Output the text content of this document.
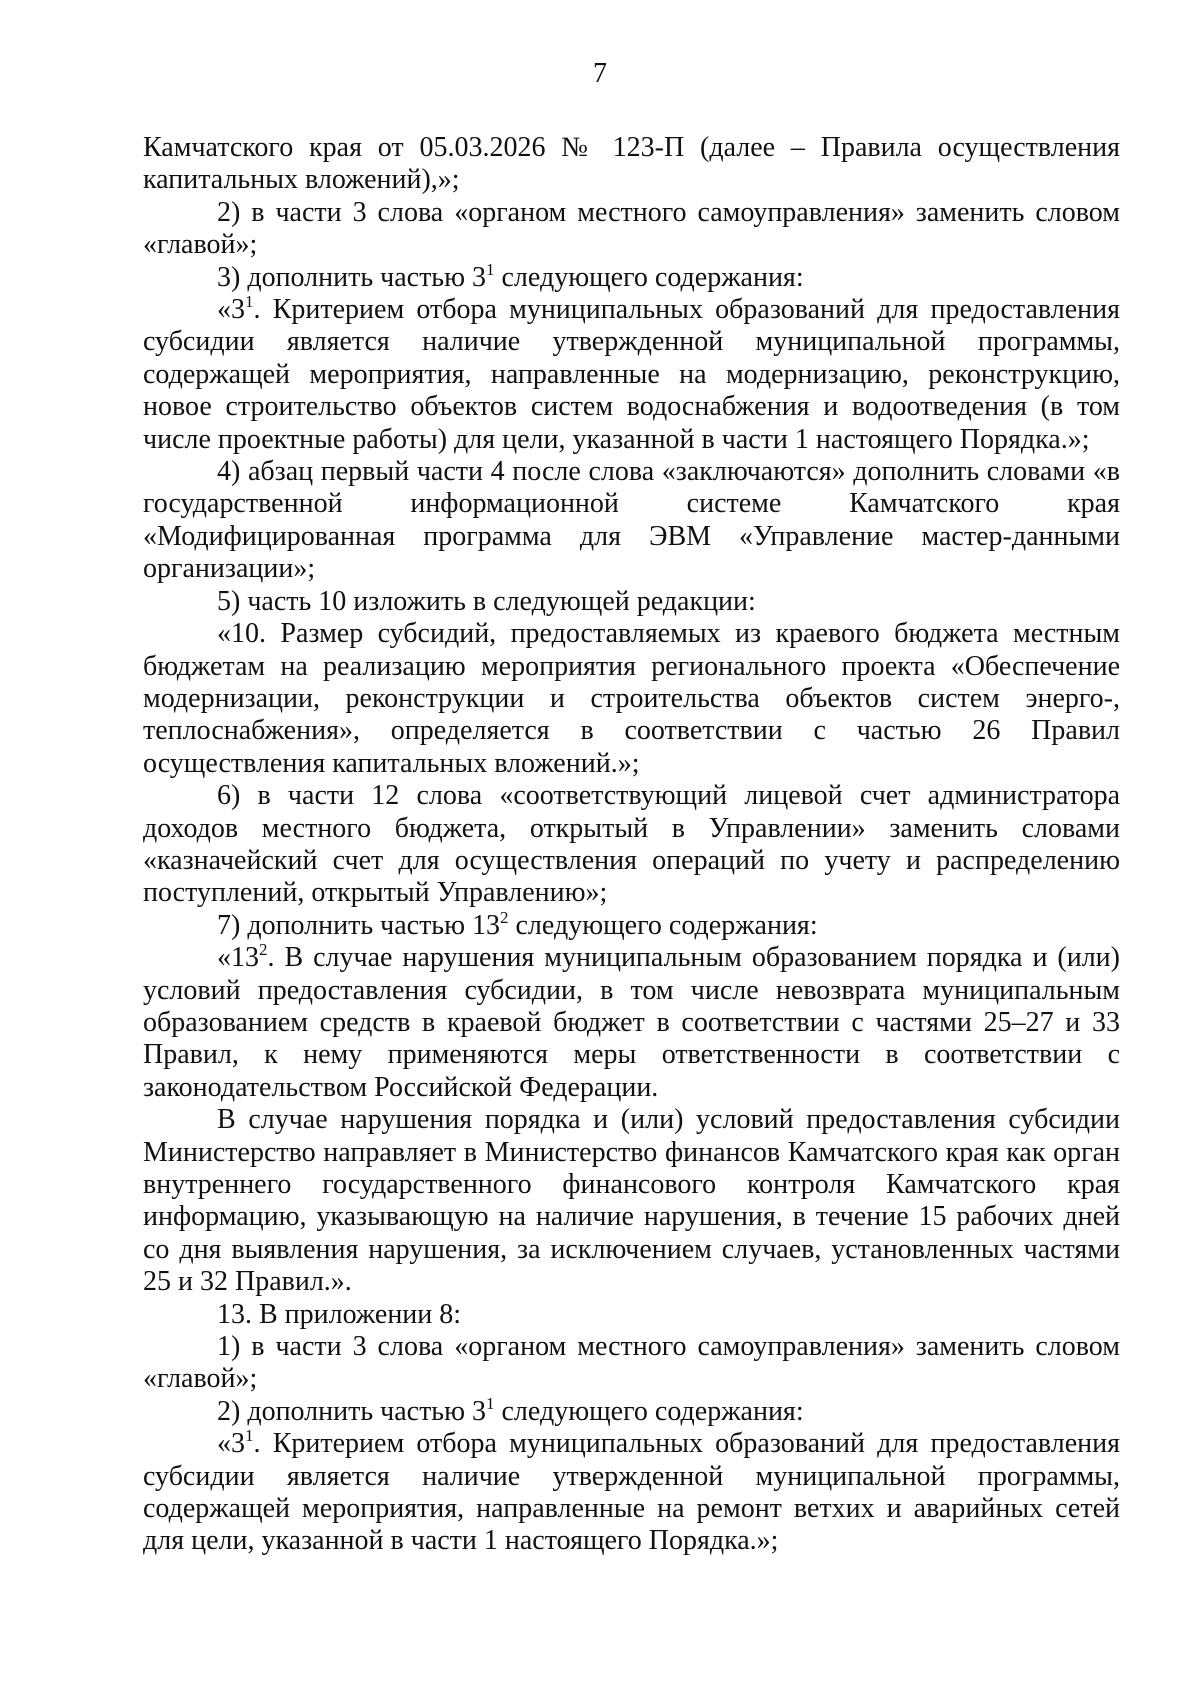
7

Камчатского края от 05.03.2026 № 123-П (далее – Правила осуществления капитальных вложений),»;

2) в части 3 слова «органом местного самоуправления» заменить словом «главой»;

3) дополнить частью $3^1$ следующего содержания:

«$3^1$. Критерием отбора муниципальных образований для предоставления субсидии является наличие утвержденной муниципальной программы, содержащей мероприятия, направленные на модернизацию, реконструкцию, новое строительство объектов систем водоснабжения и водоотведения (в том числе проектные работы) для цели, указанной в части 1 настоящего Порядка.»;

4) абзац первый части 4 после слова «заключаются» дополнить словами «в государственной информационной системе Камчатского края «Модифицированная программа для ЭВМ «Управление мастер-данными организации»;

5) часть 10 изложить в следующей редакции:

«10. Размер субсидий, предоставляемых из краевого бюджета местным бюджетам на реализацию мероприятия регионального проекта «Обеспечение модернизации, реконструкции и строительства объектов систем энерго-, теплоснабжения», определяется в соответствии с частью 26 Правил осуществления капитальных вложений.»;

6) в части 12 слова «соответствующий лицевой счет администратора доходов местного бюджета, открытый в Управлении» заменить словами «казначейский счет для осуществления операций по учету и распределению поступлений, открытый Управлению»;

7) дополнить частью $13^2$ следующего содержания:

«$13^2$. В случае нарушения муниципальным образованием порядка и (или) условий предоставления субсидии, в том числе невозврата муниципальным образованием средств в краевой бюджет в соответствии с частями 25–27 и 33 Правил, к нему применяются меры ответственности в соответствии с законодательством Российской Федерации.

В случае нарушения порядка и (или) условий предоставления субсидии Министерство направляет в Министерство финансов Камчатского края как орган внутреннего государственного финансового контроля Камчатского края информацию, указывающую на наличие нарушения, в течение 15 рабочих дней со дня выявления нарушения, за исключением случаев, установленных частями 25 и 32 Правил.».

13. В приложении 8:

1) в части 3 слова «органом местного самоуправления» заменить словом «главой»;

2) дополнить частью $3^1$ следующего содержания:

«$3^1$. Критерием отбора муниципальных образований для предоставления субсидии является наличие утвержденной муниципальной программы, содержащей мероприятия, направленные на ремонт ветхих и аварийных сетей для цели, указанной в части 1 настоящего Порядка.»;
